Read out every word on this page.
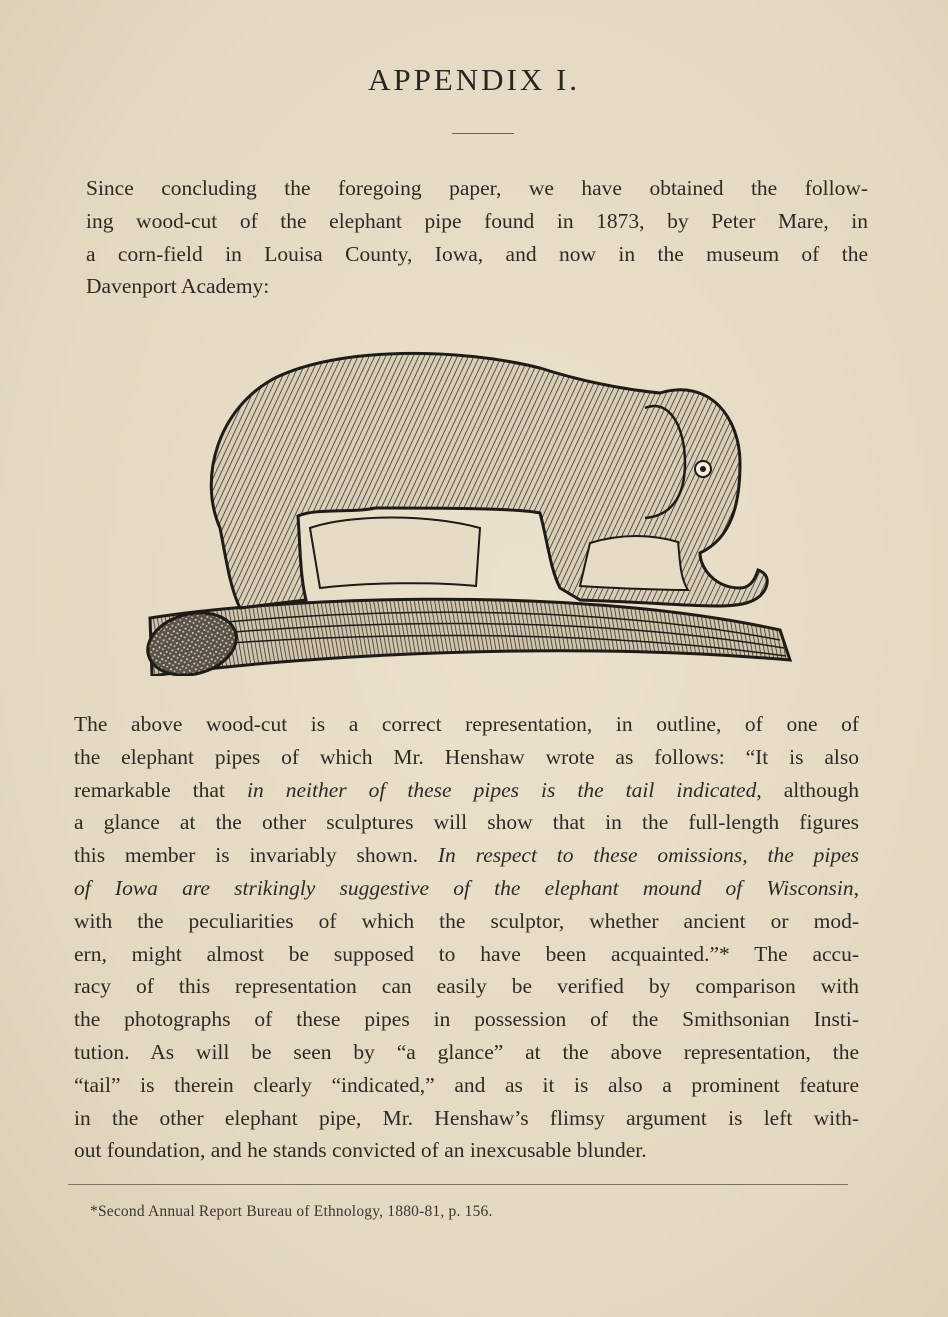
APPENDIX I.
Since concluding the foregoing paper, we have obtained the follow-
ing wood-cut of the elephant pipe found in 1873, by Peter Mare, in
a corn-field in Louisa County, Iowa, and now in the museum of the
Davenport Academy:
The above wood-cut is a correct representation, in outline, of one of
the elephant pipes of which Mr. Henshaw wrote as follows: “It is also
remarkable that in neither of these pipes is the tail indicated, although
a glance at the other sculptures will show that in the full-length figures
this member is invariably shown. In respect to these omissions, the pipes
of Iowa are strikingly suggestive of the elephant mound of Wisconsin,
with the peculiarities of which the sculptor, whether ancient or mod-
ern, might almost be supposed to have been acquainted.”* The accu-
racy of this representation can easily be verified by comparison with
the photographs of these pipes in possession of the Smithsonian Insti-
tution. As will be seen by “a glance” at the above representation, the
“tail” is therein clearly “indicated,” and as it is also a prominent feature
in the other elephant pipe, Mr. Henshaw’s flimsy argument is left with-
out foundation, and he stands convicted of an inexcusable blunder.
*Second Annual Report Bureau of Ethnology, 1880-81, p. 156.
